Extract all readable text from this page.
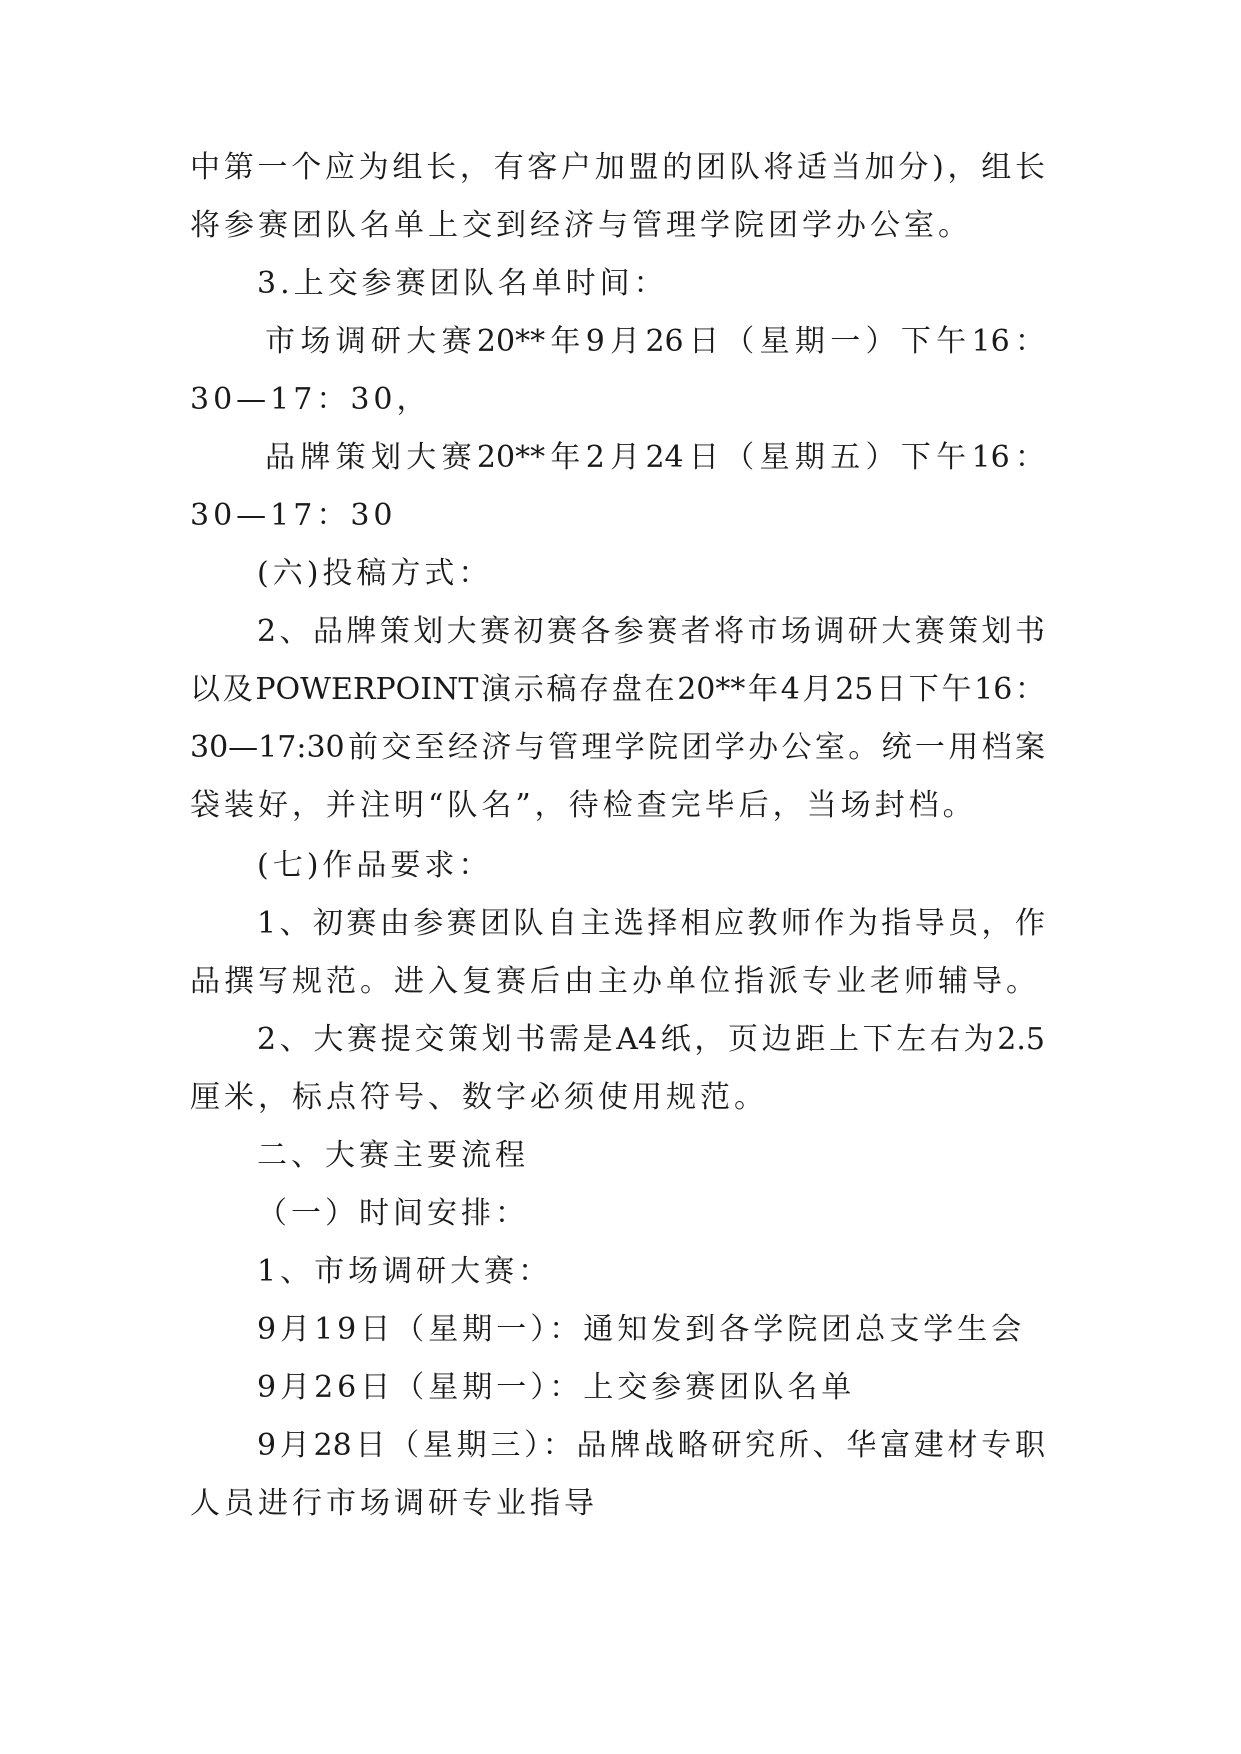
中第一个应为组长，有客户加盟的团队将适当加分)，组长
将参赛团队名单上交到经济与管理学院团学办公室。
3.上交参赛团队名单时间：
市场调研大赛20**年9月26日（星期一）下午16：
30—17：30，
品牌策划大赛20**年2月24日（星期五）下午16：
30—17：30
(六)投稿方式：
2、品牌策划大赛初赛各参赛者将市场调研大赛策划书
以及POWERPOINT演示稿存盘在20**年4月25日下午16：
30—17:30前交至经济与管理学院团学办公室。统一用档案
袋装好，并注明“队名”，待检查完毕后，当场封档。
(七)作品要求：
1、初赛由参赛团队自主选择相应教师作为指导员，作
品撰写规范。进入复赛后由主办单位指派专业老师辅导。
2、大赛提交策划书需是A4纸，页边距上下左右为2.5
厘米，标点符号、数字必须使用规范。
二、大赛主要流程
（一）时间安排：
1、市场调研大赛：
9月19日（星期一）：通知发到各学院团总支学生会
9月26日（星期一）：上交参赛团队名单
9月28日（星期三）：品牌战略研究所、华富建材专职
人员进行市场调研专业指导
